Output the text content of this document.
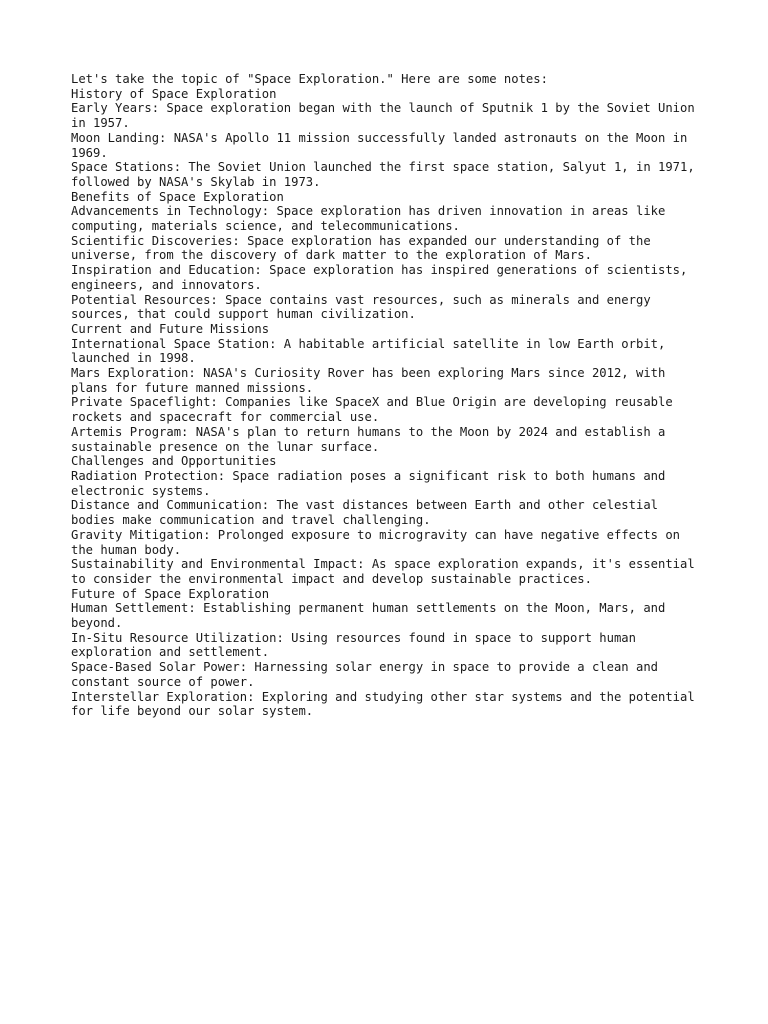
Let's take the topic of "Space Exploration." Here are some notes:
History of Space Exploration
Early Years: Space exploration began with the launch of Sputnik 1 by the Soviet Union in 1957.
Moon Landing: NASA's Apollo 11 mission successfully landed astronauts on the Moon in 1969.
Space Stations: The Soviet Union launched the first space station, Salyut 1, in 1971, followed by NASA's Skylab in 1973.
Benefits of Space Exploration
Advancements in Technology: Space exploration has driven innovation in areas like computing, materials science, and telecommunications.
Scientific Discoveries: Space exploration has expanded our understanding of the universe, from the discovery of dark matter to the exploration of Mars.
Inspiration and Education: Space exploration has inspired generations of scientists, engineers, and innovators.
Potential Resources: Space contains vast resources, such as minerals and energy sources, that could support human civilization.
Current and Future Missions
International Space Station: A habitable artificial satellite in low Earth orbit, launched in 1998.
Mars Exploration: NASA's Curiosity Rover has been exploring Mars since 2012, with plans for future manned missions.
Private Spaceflight: Companies like SpaceX and Blue Origin are developing reusable rockets and spacecraft for commercial use.
Artemis Program: NASA's plan to return humans to the Moon by 2024 and establish a sustainable presence on the lunar surface.
Challenges and Opportunities
Radiation Protection: Space radiation poses a significant risk to both humans and electronic systems.
Distance and Communication: The vast distances between Earth and other celestial bodies make communication and travel challenging.
Gravity Mitigation: Prolonged exposure to microgravity can have negative effects on the human body.
Sustainability and Environmental Impact: As space exploration expands, it's essential to consider the environmental impact and develop sustainable practices.
Future of Space Exploration
Human Settlement: Establishing permanent human settlements on the Moon, Mars, and beyond.
In-Situ Resource Utilization: Using resources found in space to support human exploration and settlement.
Space-Based Solar Power: Harnessing solar energy in space to provide a clean and constant source of power.
Interstellar Exploration: Exploring and studying other star systems and the potential for life beyond our solar system.
